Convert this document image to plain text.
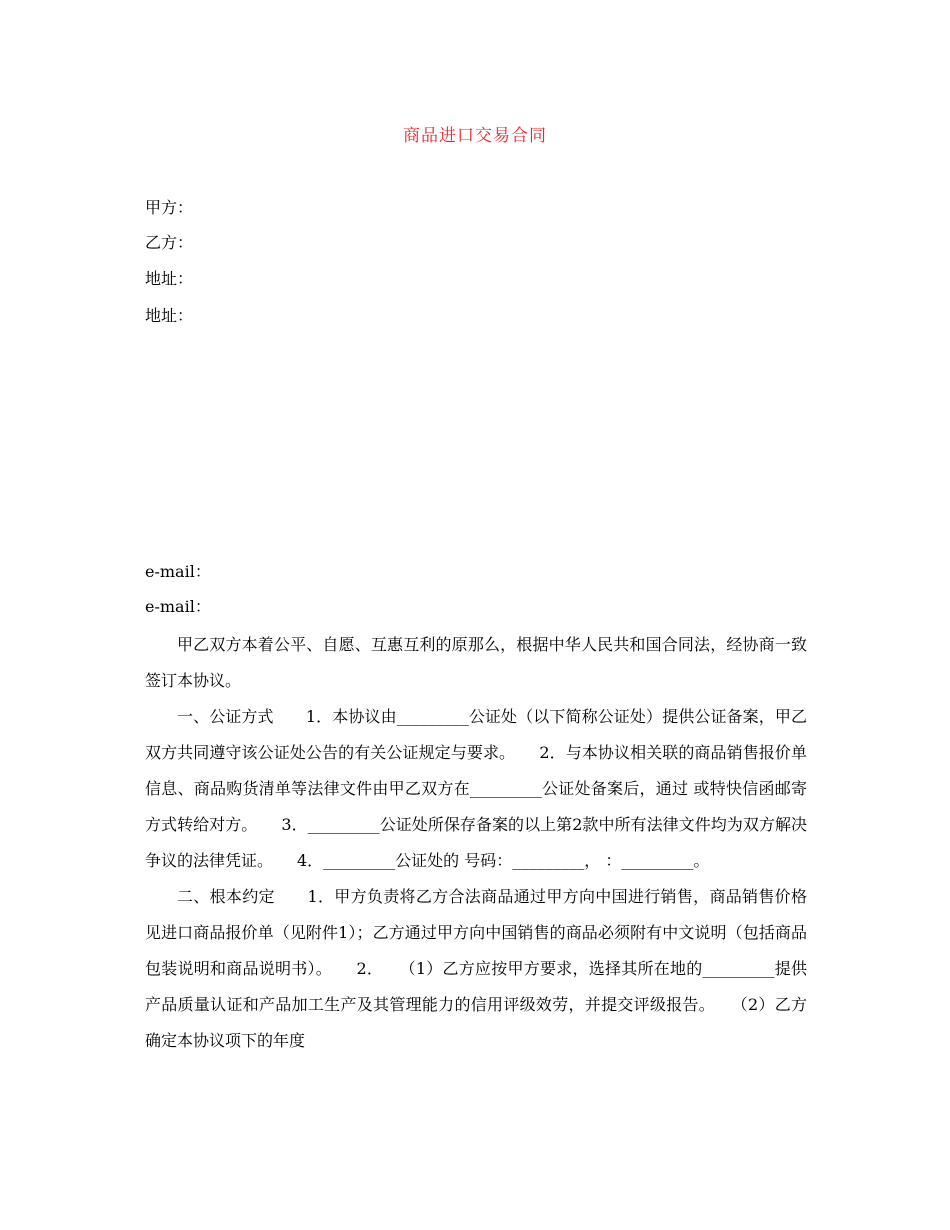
商品进口交易合同
甲方：
乙方：
地址：
地址：
e-mail：
e-mail：

甲乙双方本着公平、自愿、互惠互利的原那么，根据中华人民共和国合同法，经协商一致签订本协议。

一、公证方式　　1．本协议由_________公证处（以下简称公证处）提供公证备案，甲乙双方共同遵守该公证处公告的有关公证规定与要求。　　2．与本协议相关联的商品销售报价单信息、商品购货清单等法律文件由甲乙双方在_________公证处备案后，通过 或特快信函邮寄方式转给对方。　　3．_________公证处所保存备案的以上第2款中所有法律文件均为双方解决争议的法律凭证。　　4．_________公证处的 号码：_________， ：_________。

二、根本约定　　1．甲方负责将乙方合法商品通过甲方向中国进行销售，商品销售价格见进口商品报价单（见附件1）；乙方通过甲方向中国销售的商品必须附有中文说明（包括商品包装说明和商品说明书）。　　2．　　（1）乙方应按甲方要求，选择其所在地的_________提供产品质量认证和产品加工生产及其管理能力的信用评级效劳，并提交评级报告。　　（2）乙方确定本协议项下的年度
